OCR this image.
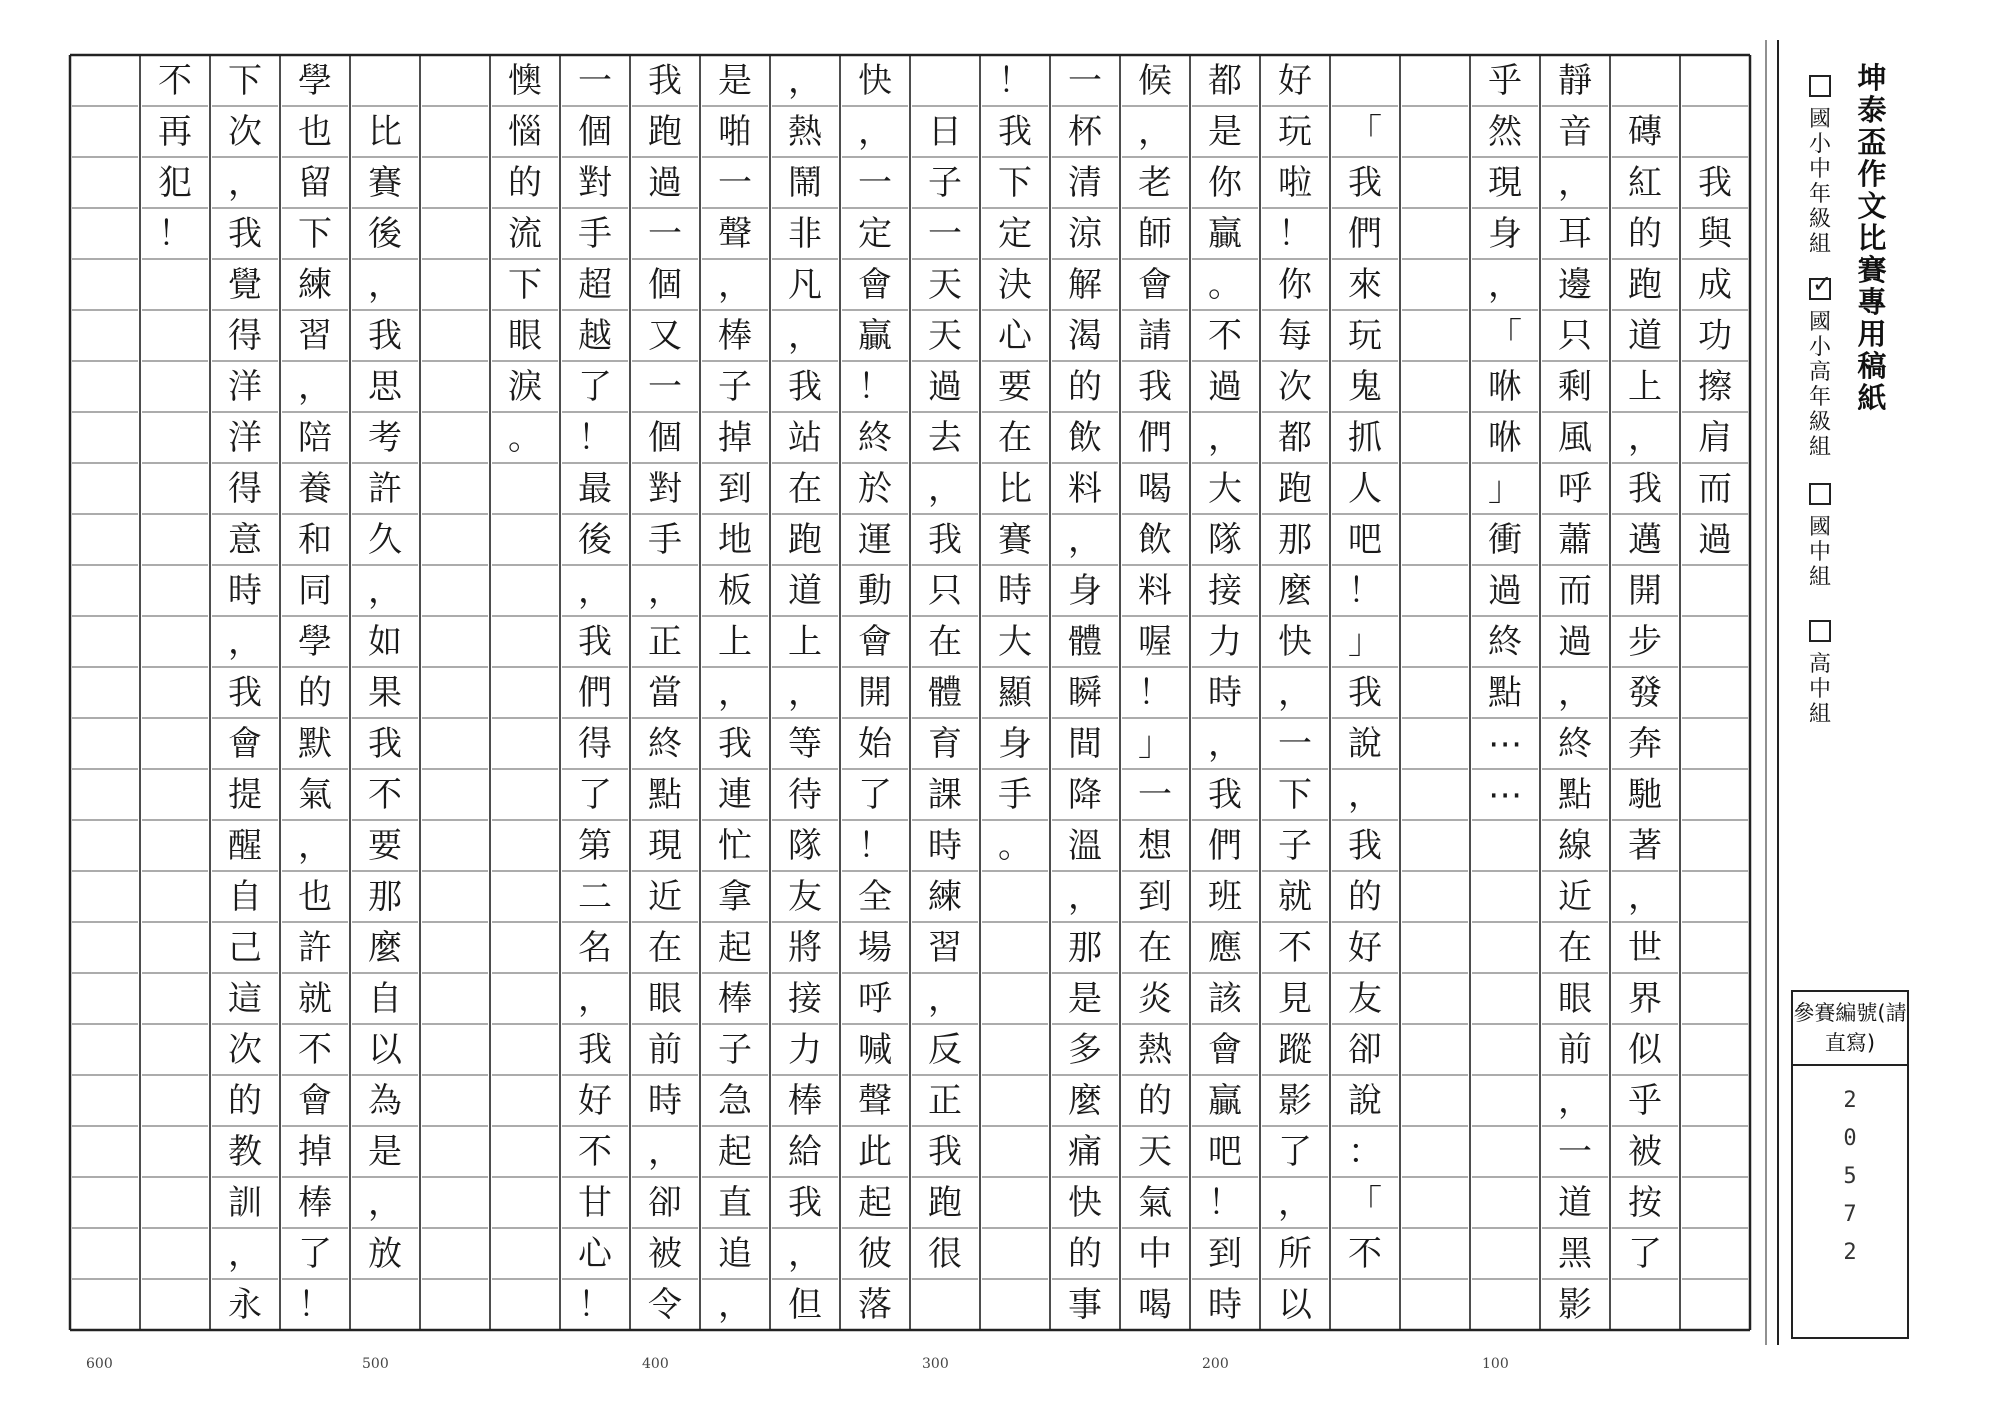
我
與
成
功
擦
肩
而
過

磚
紅
的
跑
道
上
，
我
邁
開
步
發
奔
馳
著
，
世
界
似
乎
被
按
了
靜
音
，
耳
邊
只
剩
風
呼
蕭
而
過
，
終
點
線
近
在
眼
前
，
一
道
黑
影
乎
然
現
身
，
「
咻
咻
」
衝
過
終
點
⋯
⋯

「
我
們
來
玩
鬼
抓
人
吧
！
」
我
說
，
我
的
好
友
卻
說
：
「
不
好
玩
啦
！
你
每
次
都
跑
那
麼
快
，
一
下
子
就
不
見
蹤
影
了
，
所
以
都
是
你
贏
。
不
過
，
大
隊
接
力
時
，
我
們
班
應
該
會
贏
吧
！
到
時
候
，
老
師
會
請
我
們
喝
飲
料
喔
！
」
一
想
到
在
炎
熱
的
天
氣
中
喝
一
杯
清
涼
解
渴
的
飲
料
，
身
體
瞬
間
降
溫
，
那
是
多
麼
痛
快
的
事
！
我
下
定
決
心
要
在
比
賽
時
大
顯
身
手
。

日
子
一
天
天
過
去
，
我
只
在
體
育
課
時
練
習
，
反
正
我
跑
很
快
，
一
定
會
贏
！
終
於
運
動
會
開
始
了
！
全
場
呼
喊
聲
此
起
彼
落
，
熱
鬧
非
凡
，
我
站
在
跑
道
上
，
等
待
隊
友
將
接
力
棒
給
我
，
但
是
啪
一
聲
，
棒
子
掉
到
地
板
上
，
我
連
忙
拿
起
棒
子
急
起
直
追
，
我
跑
過
一
個
又
一
個
對
手
，
正
當
終
點
現
近
在
眼
前
時
，
卻
被
令
一
個
對
手
超
越
了
！
最
後
，
我
們
得
了
第
二
名
，
我
好
不
甘
心
！
懊
惱
的
流
下
眼
淚
。

比
賽
後
，
我
思
考
許
久
，
如
果
我
不
要
那
麼
自
以
為
是
，
放
學
也
留
下
練
習
，
陪
養
和
同
學
的
默
氣
，
也
許
就
不
會
掉
棒
了
！
下
次
，
我
覺
得
洋
洋
得
意
時
，
我
會
提
醒
自
己
這
次
的
教
訓
，
永
不
再
犯
！
坤泰盃作文比賽專用稿紙
國小中年級組
✓
國小高年級組
國中組
高中組
參賽編號(請直寫)
2
0
5
7
2
100
200
300
400
500
600
